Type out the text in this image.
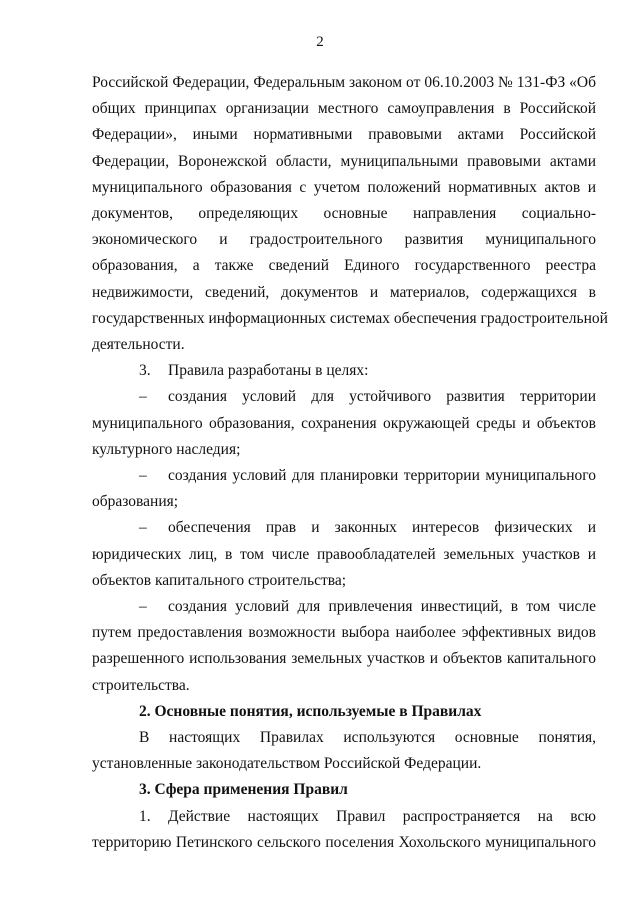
2

Российской Федерации, Федеральным законом от 06.10.2003 № 131-ФЗ «Об

общих принципах организации местного самоуправления в Российской

Федерации», иными нормативными правовыми актами Российской

Федерации, Воронежской области, муниципальными правовыми актами

муниципального образования с учетом положений нормативных актов и

документов, определяющих основные направления социально-

экономического и градостроительного развития муниципального

образования, а также сведений Единого государственного реестра

недвижимости, сведений, документов и материалов, содержащихся в

государственных информационных системах обеспечения градостроительной

деятельности.

3.	Правила разработаны в целях:
–	создания условий для устойчивого развития территории

муниципального образования, сохранения окружающей среды и объектов

культурного наследия;

–	создания условий для планировки территории муниципального

образования;

–	обеспечения прав и законных интересов физических и

юридических лиц, в том числе правообладателей земельных участков и

объектов капитального строительства;

–	создания условий для привлечения инвестиций, в том числе

путем предоставления возможности выбора наиболее эффективных видов

разрешенного использования земельных участков и объектов капитального

строительства.

2. Основные понятия, используемые в Правилах

В настоящих Правилах используются основные понятия,

установленные законодательством Российской Федерации.

3. Сфера применения Правил

1.	Действие настоящих Правил распространяется на всю

территорию Петинского сельского поселения Хохольского муниципального
